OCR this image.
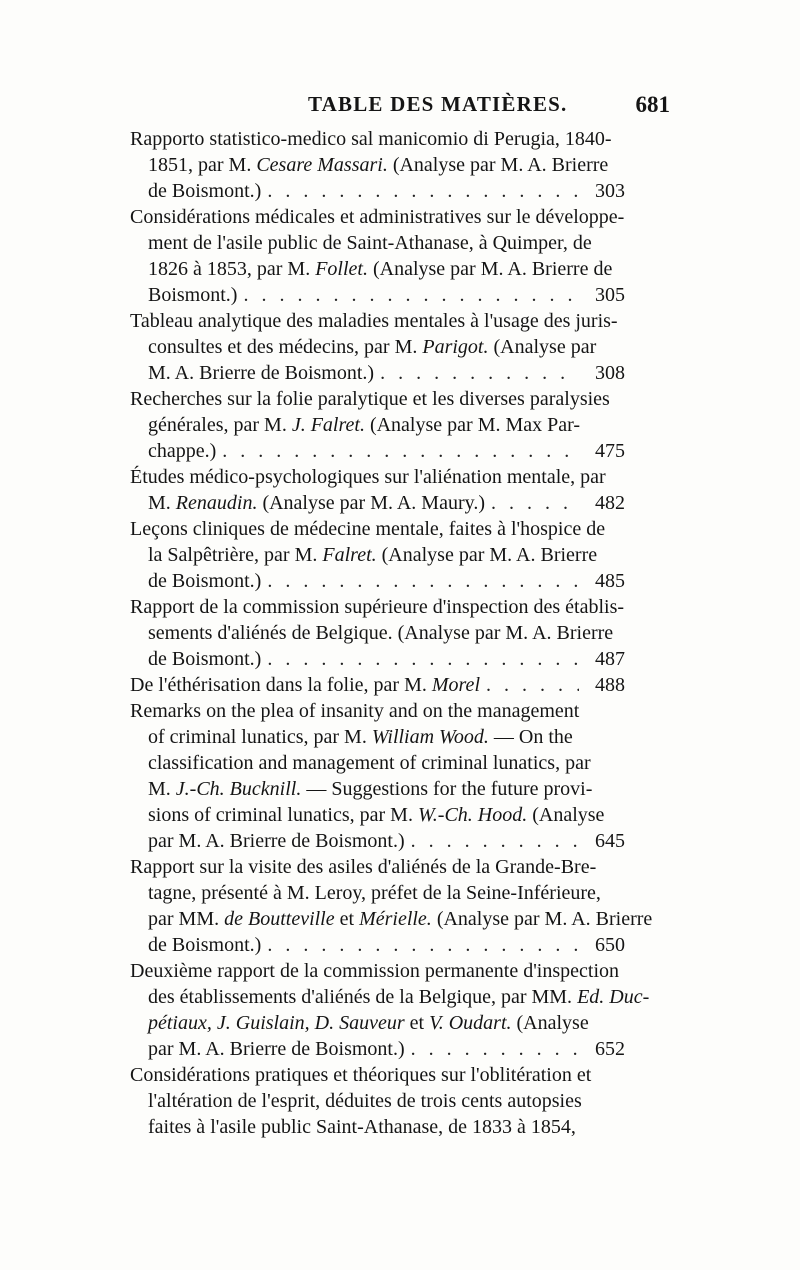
TABLE DES MATIÈRES.	681
Rapporto statistico-medico sal manicomio di Perugia, 1840-
1851, par M. Cesare Massari. (Analyse par M. A. Brierre
de Boismont.) . . .	303
Considérations médicales et administratives sur le développe-
ment de l'asile public de Saint-Athanase, à Quimper, de
1826 à 1853, par M. Follet. (Analyse par M. A. Brierre de
Boismont.) . . .	305
Tableau analytique des maladies mentales à l'usage des juris-
consultes et des médecins, par M. Parigot. (Analyse par
M. A. Brierre de Boismont.) . . .	308
Recherches sur la folie paralytique et les diverses paralysies
générales, par M. J. Falret. (Analyse par M. Max Par-
chappe.) . . .	475
Études médico-psychologiques sur l'aliénation mentale, par
M. Renaudin. (Analyse par M. A. Maury.) . . .	482
Leçons cliniques de médecine mentale, faites à l'hospice de
la Salpêtrière, par M. Falret. (Analyse par M. A. Brierre
de Boismont.) . . .	485
Rapport de la commission supérieure d'inspection des établis-
sements d'aliénés de Belgique. (Analyse par M. A. Brierre
de Boismont.) . . .	487
De l'éthérisation dans la folie, par M. Morel . . .	488
Remarks on the plea of insanity and on the management
of criminal lunatics, par M. William Wood. — On the
classification and management of criminal lunatics, par
M. J.-Ch. Bucknill. — Suggestions for the future provi-
sions of criminal lunatics, par M. W.-Ch. Hood. (Analyse
par M. A. Brierre de Boismont.) . . .	645
Rapport sur la visite des asiles d'aliénés de la Grande-Bre-
tagne, présenté à M. Leroy, préfet de la Seine-Inférieure,
par MM. de Boutteville et Mérielle. (Analyse par M. A. Brierre
de Boismont.) . . .	650
Deuxième rapport de la commission permanente d'inspection
des établissements d'aliénés de la Belgique, par MM. Ed. Duc-
pétiaux,
J. Guislain,
D. Sauveur et V. Oudart. (Analyse
par M. A. Brierre de Boismont.) . . .	652
Considérations pratiques et théoriques sur l'oblitération et
l'altération de l'esprit, déduites de trois cents autopsies
faites à l'asile public Saint-Athanase, de 1833 à 1854,
